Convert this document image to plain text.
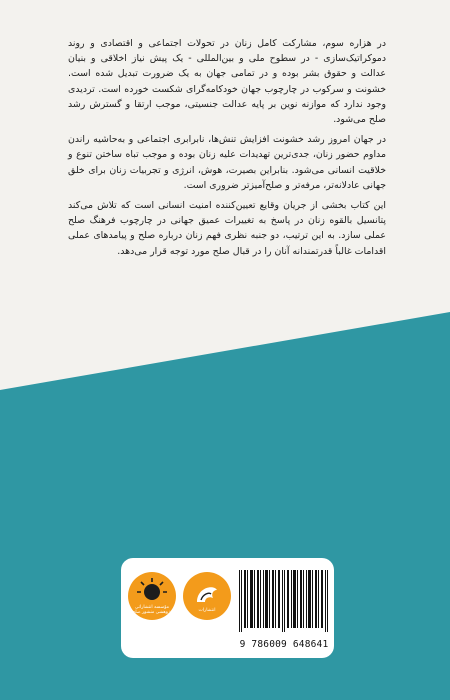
در هزاره سوم، مشارکت کامل زنان در تحولات اجتماعی و اقتصادی و روند دموکراتیک‌سازی - در سطوح ملی و بین‌المللی - یک پیش نیاز اخلاقی و بنیان عدالت و حقوق بشر بوده و در تمامی جهان به یک ضرورت تبدیل شده است. خشونت و سرکوب در چارچوب جهان خودکامه‌گرای شکست خورده است. تردیدی وجود ندارد که موازنه نوین بر پایه عدالت جنسیتی، موجب ارتقا و گسترش رشد صلح می‌شود.

در جهان امروز رشد خشونت افزایش تنش‌ها، نابرابری اجتماعی و به‌حاشیه راندن مداوم حضور زنان، جدی‌ترین تهدیدات علیه زنان بوده و موجب تباه ساختن تنوع و خلاقیت انسانی می‌شود. بنابراین بصیرت، هوش، انرژی و تجربیات زنان برای خلق جهانی عادلانه‌تر، مرفه‌تر و صلح‌آمیزتر ضروری است.

این کتاب بخشی از جریان وقایع تعیین‌کننده امنیت انسانی است که تلاش می‌کند پتانسیل بالقوه زنان در پاسخ به تغییرات عمیق جهانی در چارچوب فرهنگ صلح عملی سازد. به این ترتیب، دو جنبه نظری فهم زنان درباره صلح و پیامدهای عملی اقدامات غالباً قدرتمندانه آنان را در قبال صلح مورد توجه قرار می‌دهد.

مؤسسه انتشاراتی پژوهشی منشور صلح	انتشارات
9 786009 648641
